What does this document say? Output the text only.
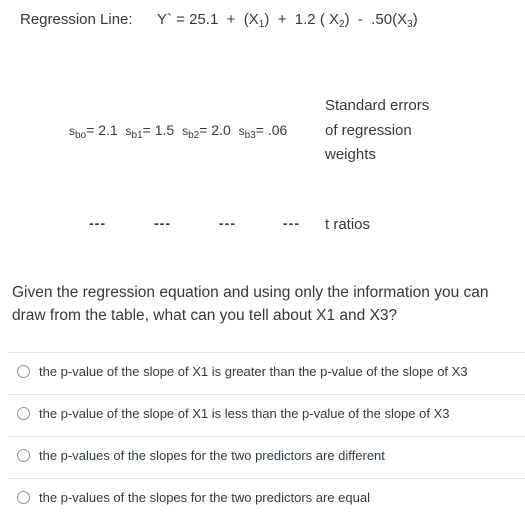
Regression Line: Y` = $25.1 + (X_1) + 1.2$ ( $X_2) - .50(X_3)$
Standard errors
of regression
weights
$s_{bo}= 2.1$ $s_{b1}= 1.5$ $s_{b2}= 2.0$ $s_{b3}= .06$
---	---	---	--- t ratios
Given the regression equation and using only the information you can draw from the table, what can you tell about X1 and X3?
the p-value of the slope of X1 is greater than the p-value of the slope of X3
the p-value of the slope of X1 is less than the p-value of the slope of X3
the p-values of the slopes for the two predictors are different
the p-values of the slopes for the two predictors are equal
